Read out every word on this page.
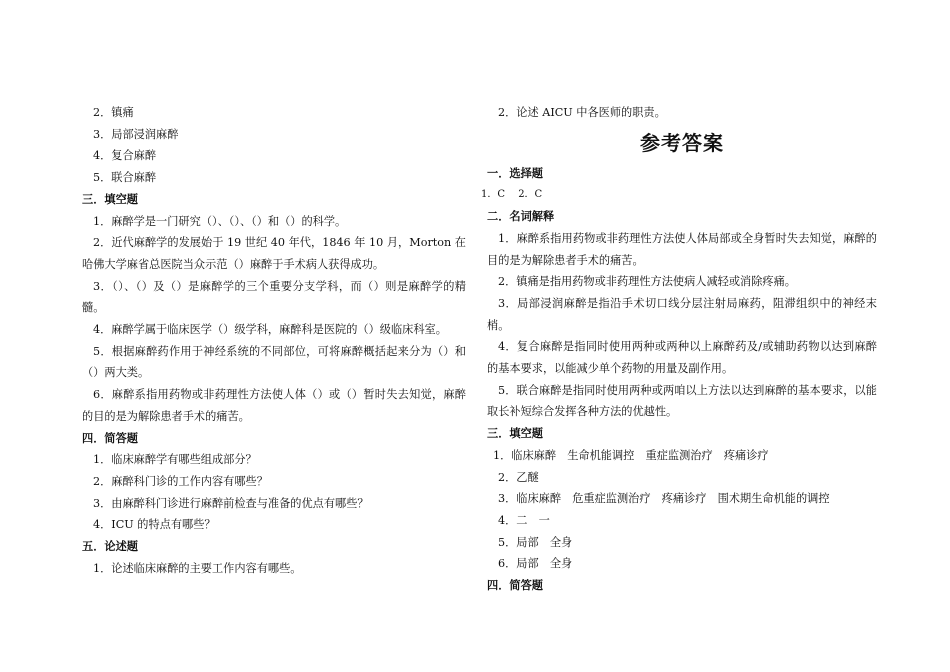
2．镇痛
3．局部浸润麻醉
4．复合麻醉
5．联合麻醉
三．填空题
1．麻醉学是一门研究（）、（）、（）和（）的科学。
2．近代麻醉学的发展始于 19 世纪 40 年代，1846 年 10 月，Morton 在哈佛大学麻省总医院当众示范（）麻醉于手术病人获得成功。
3．（）、（）及（）是麻醉学的三个重要分支学科，而（）则是麻醉学的精髓。
4．麻醉学属于临床医学（）级学科，麻醉科是医院的（）级临床科室。
5．根据麻醉药作用于神经系统的不同部位，可将麻醉概括起来分为（）和（）两大类。
6．麻醉系指用药物或非药理性方法使人体（）或（）暂时失去知觉，麻醉的目的是为解除患者手术的痛苦。
四．简答题
1．临床麻醉学有哪些组成部分？
2．麻醉科门诊的工作内容有哪些？
3．由麻醉科门诊进行麻醉前检查与准备的优点有哪些？
4．ICU 的特点有哪些？
五．论述题
1．论述临床麻醉的主要工作内容有哪些。
2．论述 AICU 中各医师的职责。
参考答案
一．选择题
1．C　 2．C
二．名词解释
1．麻醉系指用药物或非药理性方法使人体局部或全身暂时失去知觉，麻醉的目的是为解除患者手术的痛苦。
2．镇痛是指用药物或非药理性方法使病人减轻或消除疼痛。
3．局部浸润麻醉是指沿手术切口线分层注射局麻药，阻滞组织中的神经末梢。
4．复合麻醉是指同时使用两种或两种以上麻醉药及/或辅助药物以达到麻醉的基本要求，以能减少单个药物的用量及副作用。
5．联合麻醉是指同时使用两种或两咱以上方法以达到麻醉的基本要求，以能取长补短综合发挥各种方法的优越性。
三．填空题
1．临床麻醉　生命机能调控　重症监测治疗　疼痛诊疗
2．乙醚
3．临床麻醉　危重症监测治疗　疼痛诊疗　围术期生命机能的调控
4．二　一
5．局部　全身
6．局部　全身
四．简答题
